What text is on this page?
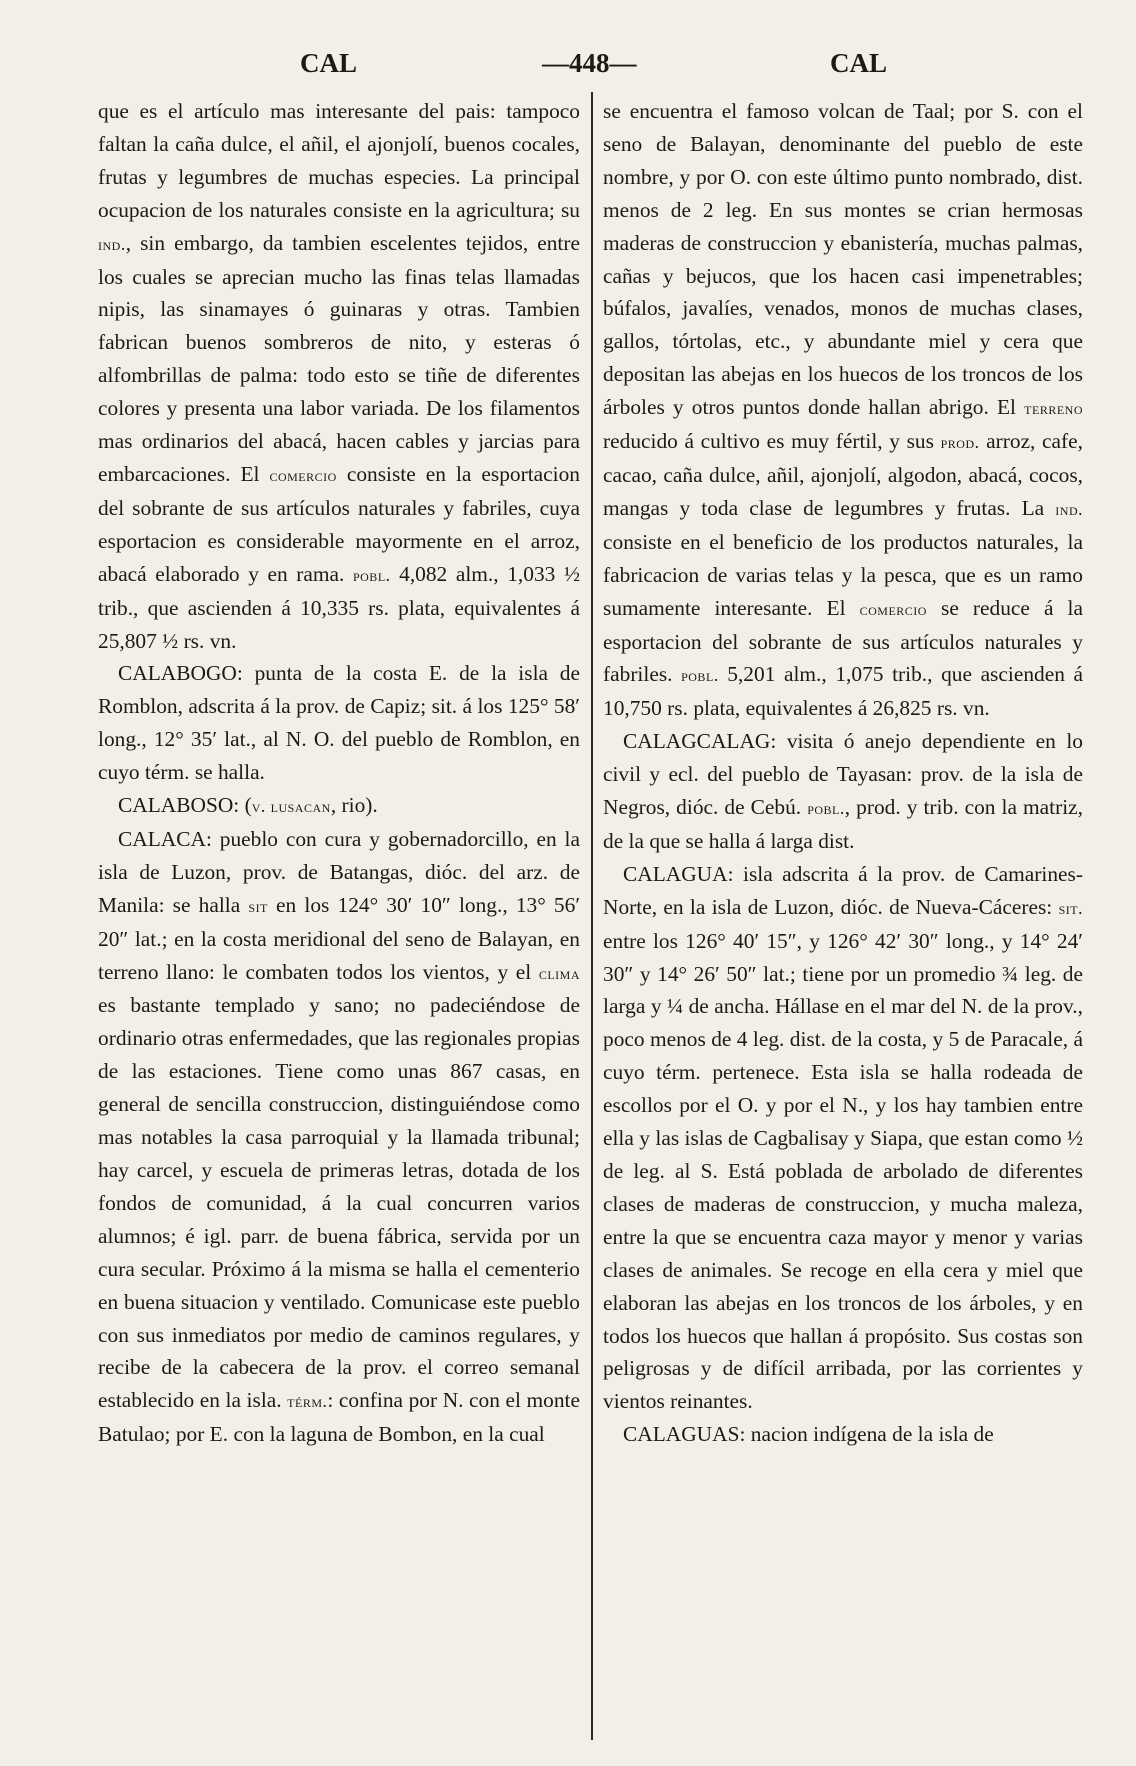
CAL	—448—	CAL

que es el artículo mas interesante del pais: tampoco faltan la caña dulce, el añil, el ajonjolí, buenos cocales, frutas y legumbres de muchas especies. La principal ocupacion de los naturales consiste en la agricultura; su ind., sin embargo, da tambien escelentes tejidos, entre los cuales se aprecian mucho las finas telas llamadas nipis, las sinamayes ó guinaras y otras. Tambien fabrican buenos sombreros de nito, y esteras ó alfombrillas de palma: todo esto se tiñe de diferentes colores y presenta una labor variada. De los filamentos mas ordinarios del abacá, hacen cables y jarcias para embarcaciones. El comercio consiste en la esportacion del sobrante de sus artículos naturales y fabriles, cuya esportacion es considerable mayormente en el arroz, abacá elaborado y en rama. pobl. 4,082 alm., 1,033 ½ trib., que ascienden á 10,335 rs. plata, equivalentes á 25,807 ½ rs. vn.

CALABOGO: punta de la costa E. de la isla de Romblon, adscrita á la prov. de Capiz; sit. á los 125° 58′ long., 12° 35′ lat., al N. O. del pueblo de Romblon, en cuyo térm. se halla.

CALABOSO: (v. lusacan, rio).

CALACA: pueblo con cura y gobernadorcillo, en la isla de Luzon, prov. de Batangas, dióc. del arz. de Manila: se halla sit en los 124° 30′ 10″ long., 13° 56′ 20″ lat.; en la costa meridional del seno de Balayan, en terreno llano: le combaten todos los vientos, y el clima es bastante templado y sano; no padeciéndose de ordinario otras enfermedades, que las regionales propias de las estaciones. Tiene como unas 867 casas, en general de sencilla construccion, distinguiéndose como mas notables la casa parroquial y la llamada tribunal; hay carcel, y escuela de primeras letras, dotada de los fondos de comunidad, á la cual concurren varios alumnos; é igl. parr. de buena fábrica, servida por un cura secular. Próximo á la misma se halla el cementerio en buena situacion y ventilado. Comunicase este pueblo con sus inmediatos por medio de caminos regulares, y recibe de la cabecera de la prov. el correo semanal establecido en la isla. térm.: confina por N. con el monte Batulao; por E. con la laguna de Bombon, en la cual

se encuentra el famoso volcan de Taal; por S. con el seno de Balayan, denominante del pueblo de este nombre, y por O. con este último punto nombrado, dist. menos de 2 leg. En sus montes se crian hermosas maderas de construccion y ebanistería, muchas palmas, cañas y bejucos, que los hacen casi impenetrables; búfalos, javalíes, venados, monos de muchas clases, gallos, tórtolas, etc., y abundante miel y cera que depositan las abejas en los huecos de los troncos de los árboles y otros puntos donde hallan abrigo. El terreno reducido á cultivo es muy fértil, y sus prod. arroz, cafe, cacao, caña dulce, añil, ajonjolí, algodon, abacá, cocos, mangas y toda clase de legumbres y frutas. La ind. consiste en el beneficio de los productos naturales, la fabricacion de varias telas y la pesca, que es un ramo sumamente interesante. El comercio se reduce á la esportacion del sobrante de sus artículos naturales y fabriles. pobl. 5,201 alm., 1,075 trib., que ascienden á 10,750 rs. plata, equivalentes á 26,825 rs. vn.

CALAGCALAG: visita ó anejo dependiente en lo civil y ecl. del pueblo de Tayasan: prov. de la isla de Negros, dióc. de Cebú. pobl., prod. y trib. con la matriz, de la que se halla á larga dist.

CALAGUA: isla adscrita á la prov. de Camarines-Norte, en la isla de Luzon, dióc. de Nueva-Cáceres: sit. entre los 126° 40′ 15″, y 126° 42′ 30″ long., y 14° 24′ 30″ y 14° 26′ 50″ lat.; tiene por un promedio ¾ leg. de larga y ¼ de ancha. Hállase en el mar del N. de la prov., poco menos de 4 leg. dist. de la costa, y 5 de Paracale, á cuyo térm. pertenece. Esta isla se halla rodeada de escollos por el O. y por el N., y los hay tambien entre ella y las islas de Cagbalisay y Siapa, que estan como ½ de leg. al S. Está poblada de arbolado de diferentes clases de maderas de construccion, y mucha maleza, entre la que se encuentra caza mayor y menor y varias clases de animales. Se recoge en ella cera y miel que elaboran las abejas en los troncos de los árboles, y en todos los huecos que hallan á propósito. Sus costas son peligrosas y de difícil arribada, por las corrientes y vientos reinantes.

CALAGUAS: nacion indígena de la isla de
